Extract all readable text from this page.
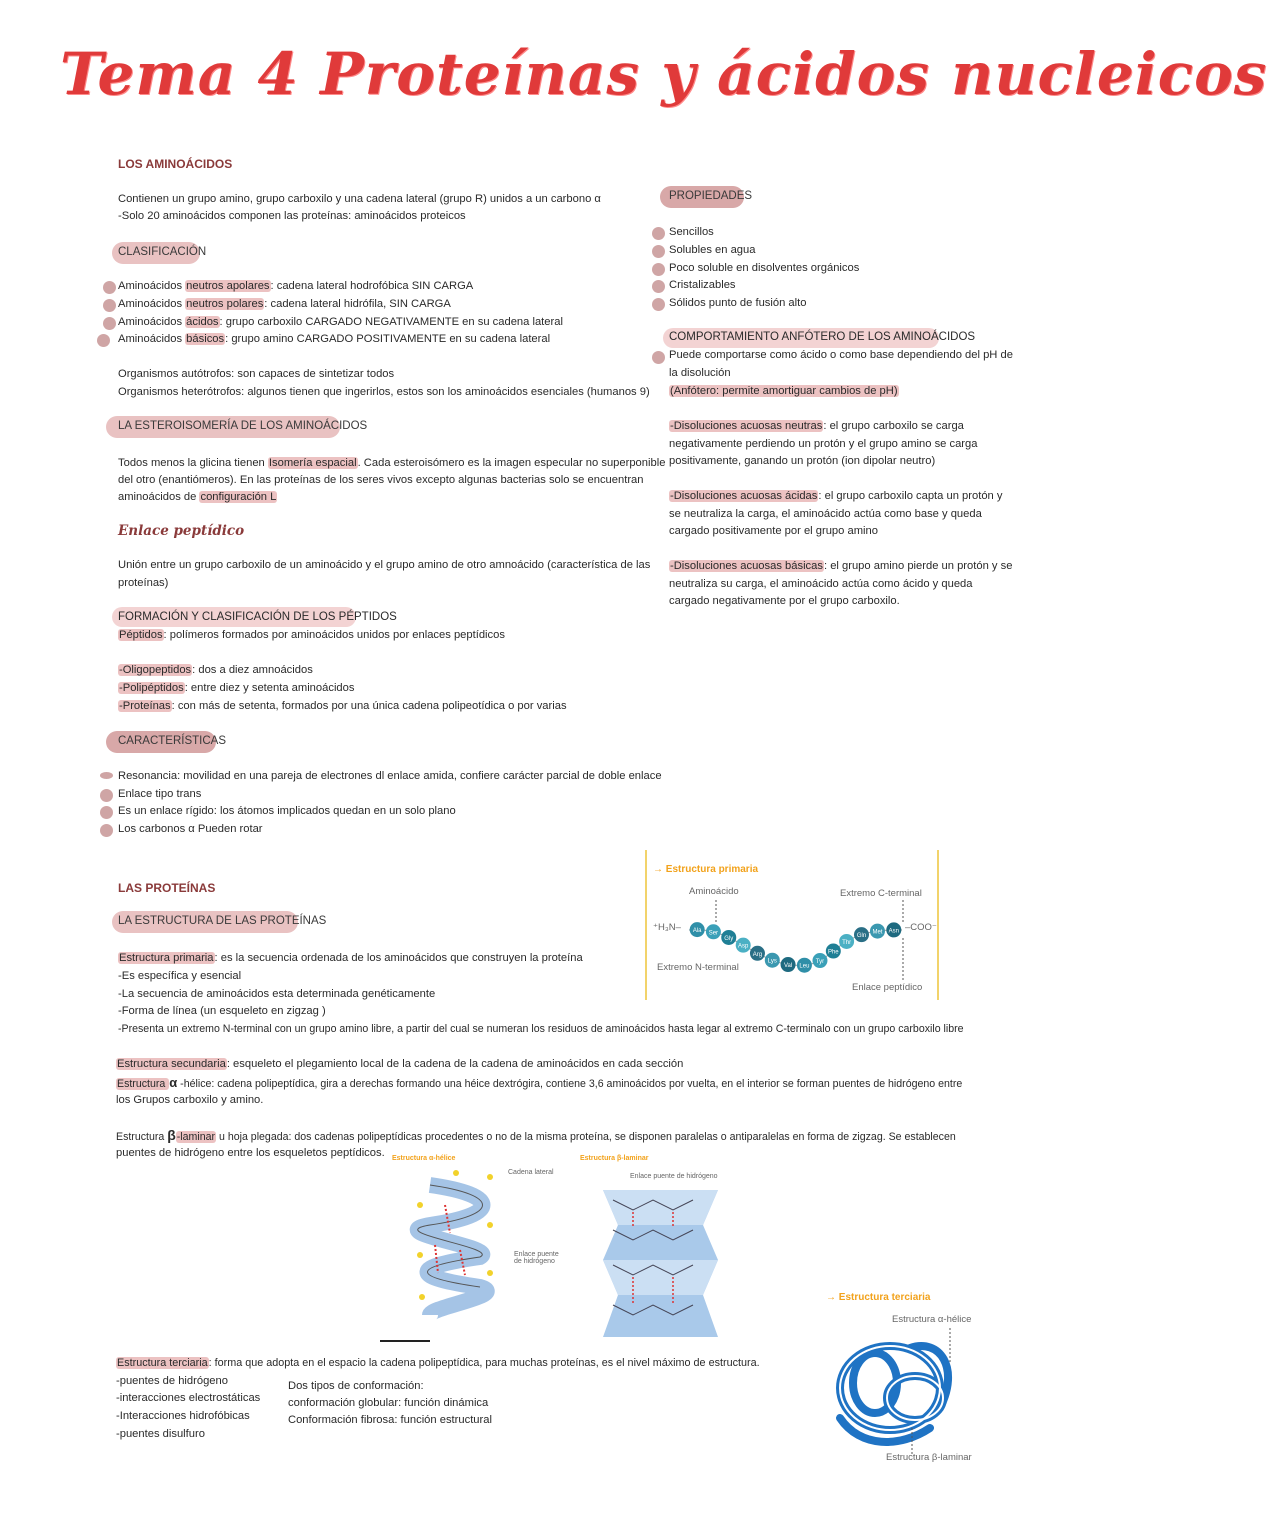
Tema 4 Proteínas y ácidos nucleicos
LOS AMINOÁCIDOS
Contienen un grupo amino, grupo carboxilo y una cadena lateral (grupo R) unidos a un carbono α
-Solo 20 aminoácidos componen las proteínas: aminoácidos proteicos
CLASIFICACIÓN
Aminoácidos neutros apolares: cadena lateral hodrofóbica SIN CARGA
Aminoácidos neutros polares: cadena lateral hidrófila, SIN CARGA
Aminoácidos ácidos: grupo carboxilo CARGADO NEGATIVAMENTE en su cadena lateral
Aminoácidos básicos: grupo amino CARGADO POSITIVAMENTE en su cadena lateral
Organismos autótrofos: son capaces de sintetizar todos
Organismos heterótrofos: algunos tienen que ingerirlos, estos son los aminoácidos esenciales (humanos 9)
LA ESTEROISOMERÍA DE LOS AMINOÁCIDOS
Todos menos la glicina tienen Isomería espacial. Cada esteroisómero es la imagen especular no superponible
del otro (enantiómeros). En las proteínas de los seres vivos excepto algunas bacterias solo se encuentran
aminoácidos de configuración L
Enlace peptídico
Unión entre un grupo carboxilo de un aminoácido y el grupo amino de otro amnoácido (característica de las
proteínas)
FORMACIÓN Y CLASIFICACIÓN DE LOS PÉPTIDOS
Péptidos: polímeros formados por aminoácidos unidos por enlaces peptídicos
-Oligopeptidos: dos a diez amnoácidos
-Polipéptidos: entre diez y setenta aminoácidos
-Proteínas: con más de setenta, formados por una única cadena polipeotídica o por varias
CARACTERÍSTICAS
Resonancia: movilidad en una pareja de electrones dl enlace amida, confiere carácter parcial de doble enlace
Enlace tipo trans
Es un enlace rígido: los átomos implicados quedan en un solo plano
Los carbonos α Pueden rotar
PROPIEDADES
Sencillos
Solubles en agua
Poco soluble en disolventes orgánicos
Cristalizables
Sólidos punto de fusión alto
COMPORTAMIENTO ANFÓTERO DE LOS AMINOÁCIDOS
Puede comportarse como ácido o como base dependiendo del pH de
la disolución
(Anfótero: permite amortiguar cambios de pH)
-Disoluciones acuosas neutras: el grupo carboxilo se carga
negativamente perdiendo un protón y el grupo amino se carga
positivamente, ganando un protón (ion dipolar neutro)
-Disoluciones acuosas ácidas: el grupo carboxilo capta un protón y
se neutraliza la carga, el aminoácido actúa como base y queda
cargado positivamente por el grupo amino
-Disoluciones acuosas básicas: el grupo amino pierde un protón y se
neutraliza su carga, el aminoácido actúa como ácido y queda
cargado negativamente por el grupo carboxilo.
→ Estructura primaria
Aminoácido	Extremo C-terminal
⁺H₃N–	–COO⁻
Extremo N-terminal
Enlace peptídico
Ala Ser
Gly
Asp
Arg
Lys
Val Leu
Tyr
Phe
Thr
Gln
Met Asn
LAS PROTEÍNAS
LA ESTRUCTURA DE LAS PROTEÍNAS
Estructura primaria: es la secuencia ordenada de los aminoácidos que construyen la proteína
-Es específica y esencial
-La secuencia de aminoácidos esta determinada genéticamente
-Forma de línea (un esqueleto en zigzag )
-Presenta un extremo N-terminal con un grupo amino libre, a partir del cual se numeran los residuos de aminoácidos hasta legar al extremo C-terminalo con un grupo carboxilo libre
Estructura secundaria: esqueleto el plegamiento local de la cadena de la cadena de aminoácidos en cada sección
Estructura α -hélice: cadena polipeptídica, gira a derechas formando una héice dextrógira, contiene 3,6 aminoácidos por vuelta, en el interior se forman puentes de hidrógeno entre
los Grupos carboxilo y amino.
Estructura β-laminar u hoja plegada: dos cadenas polipeptídicas procedentes o no de la misma proteína, se disponen paralelas o antiparalelas en forma de zigzag. Se establecen
puentes de hidrógeno entre los esqueletos peptídicos. Estructura α-hélice
Cadena lateral
Enlace puente de hidrógeno
Estructura β-laminar
Enlace puente de hidrógeno
Estructura terciaria: forma que adopta en el espacio la cadena polipeptídica, para muchas proteínas, es el nivel máximo de estructura.
-puentes de hidrógeno
-interacciones electrostáticas
-Interacciones hidrofóbicas
-puentes disulfuro
Dos tipos de conformación:
conformación globular: función dinámica
Conformación fibrosa: función estructural
→ Estructura terciaria
Estructura α-hélice
Estructura β-laminar
